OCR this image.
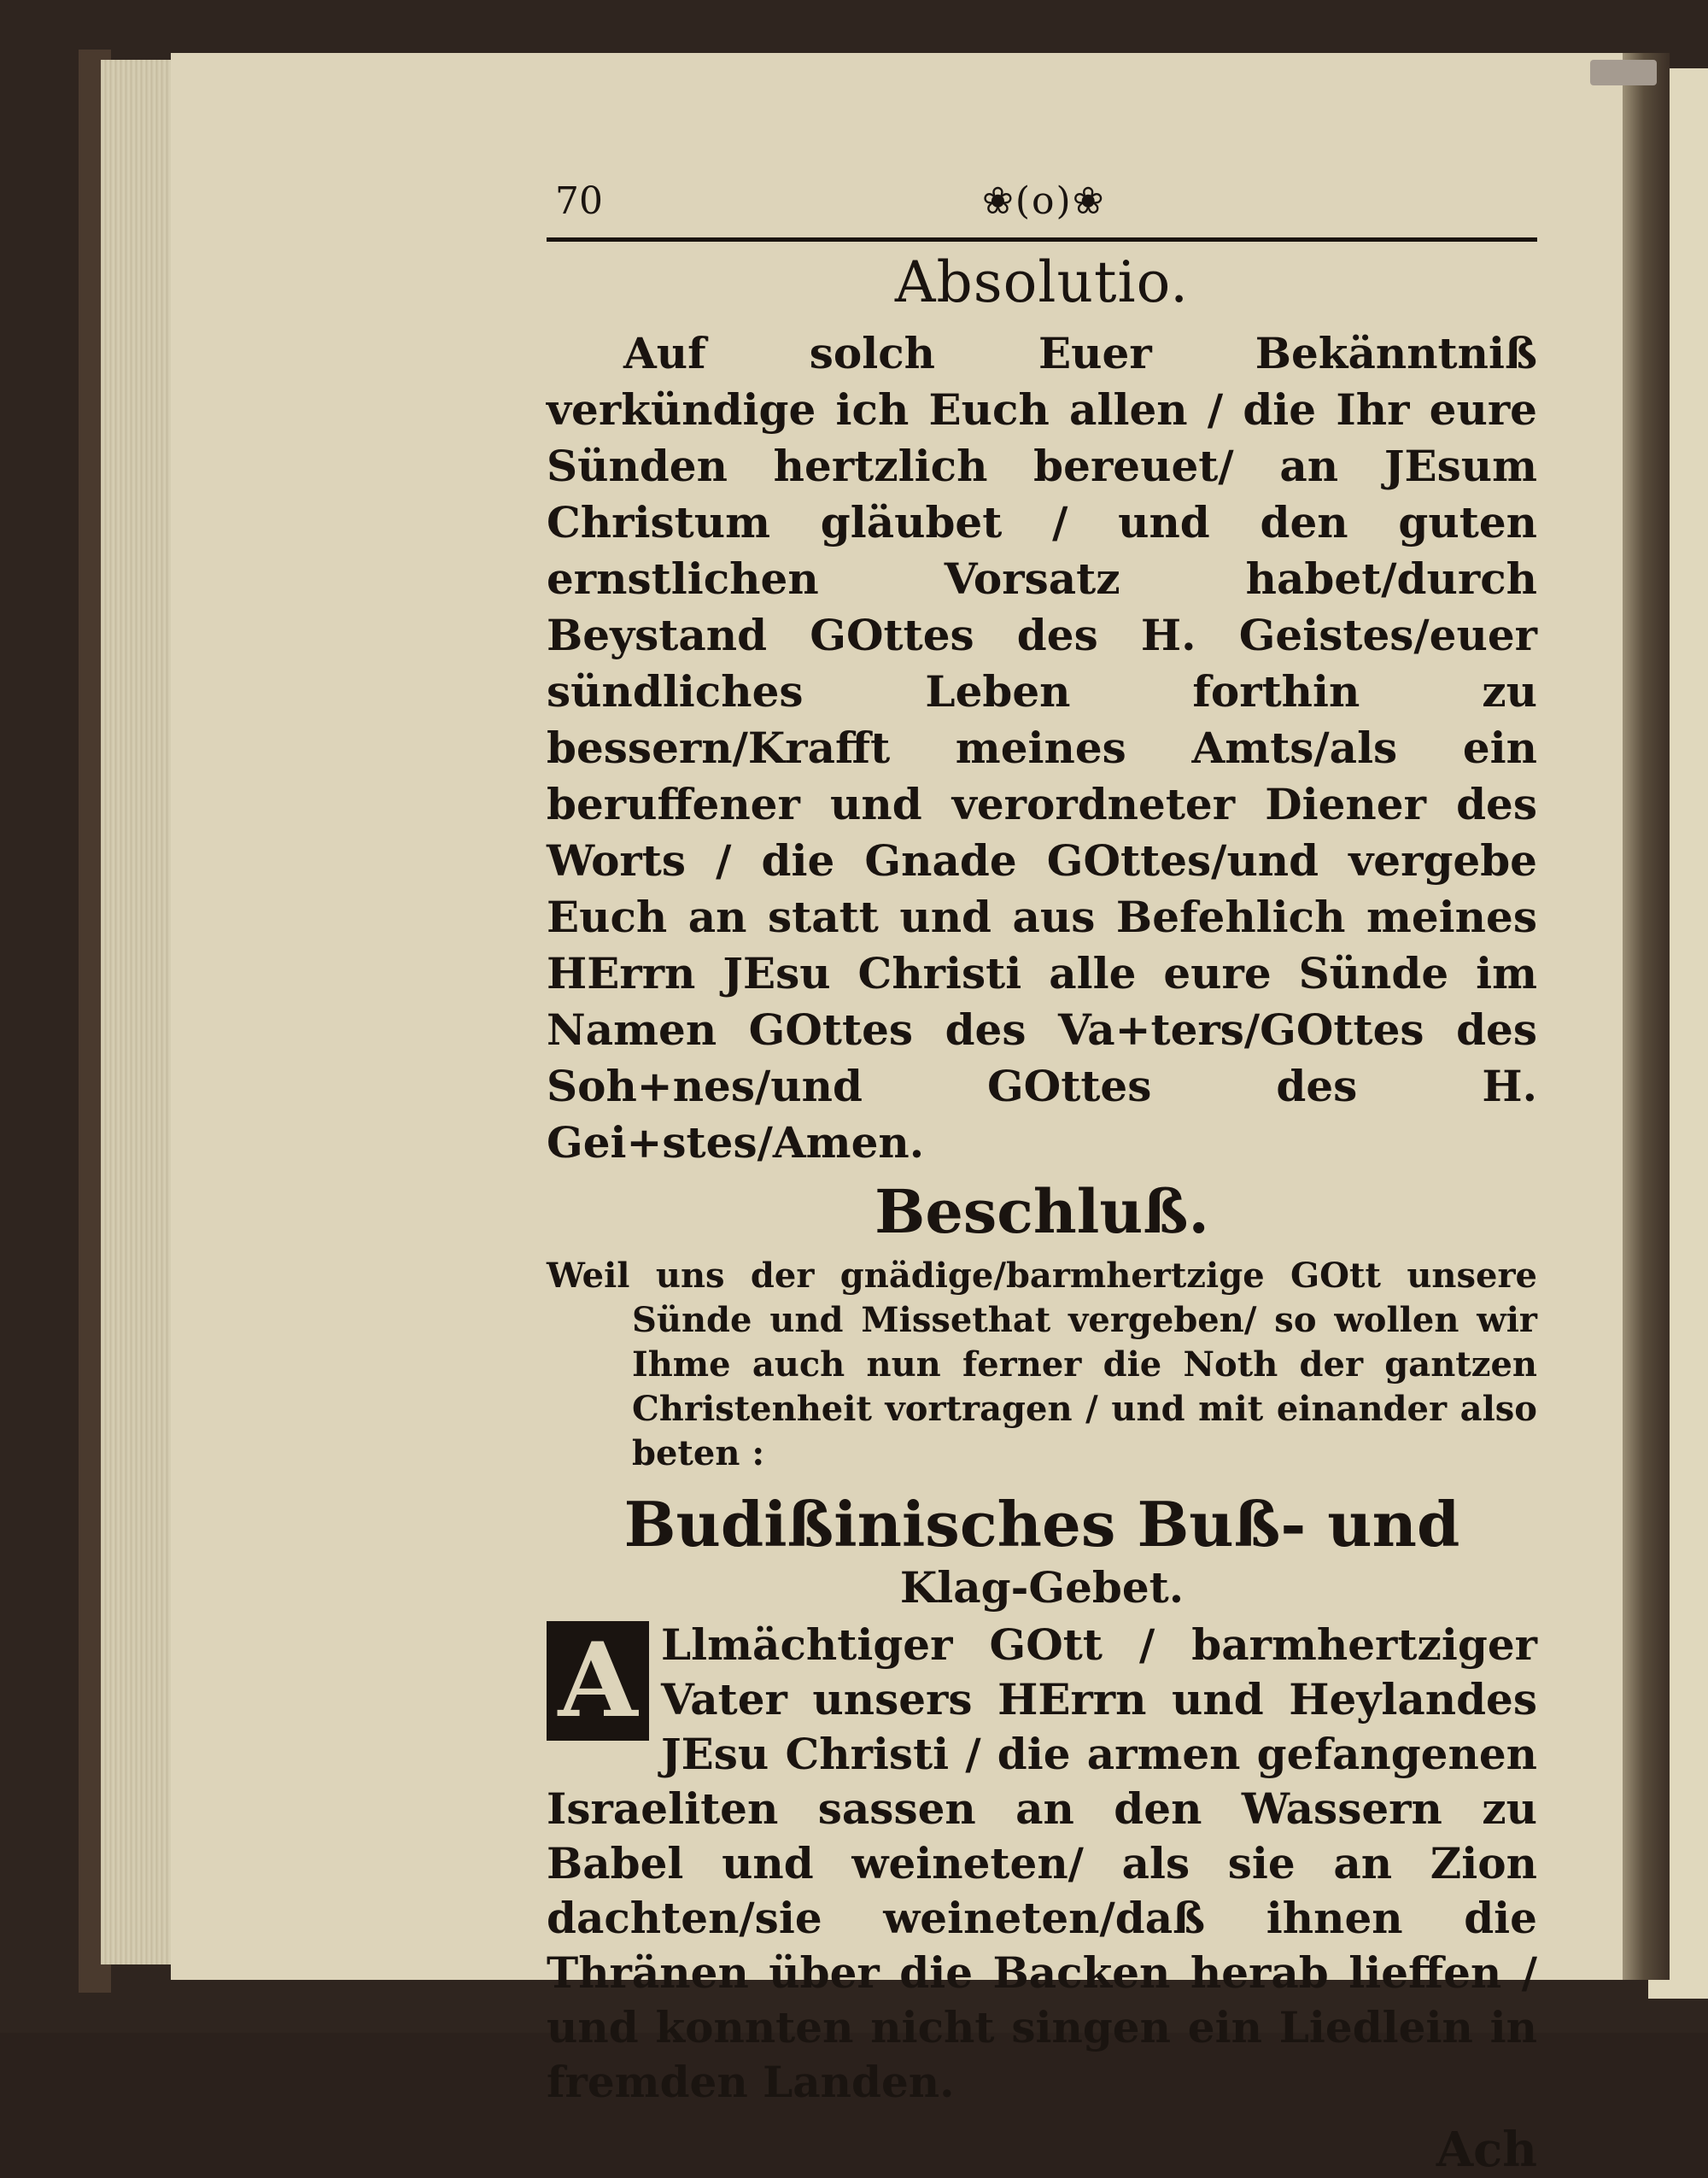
70	❀(o)❀
Absolutio.
Auf solch Euer Bekänntniß verkündige ich Euch allen / die Ihr eure Sünden hertzlich bereuet/ an JEsum Christum gläubet / und den guten ernstlichen Vorsatz habet/durch Beystand GOttes des H. Geistes/euer sündliches Leben forthin zu bessern/Krafft meines Amts/als ein beruffener und verordneter Diener des Worts / die Gnade GOttes/und vergebe Euch an statt und aus Befehlich meines HErrn JEsu Christi alle eure Sünde im Namen GOttes des Va+ters/GOttes des Soh+nes/und GOttes des H. Gei+stes/Amen.
Beschluß.
Weil uns der gnädige/barmhertzige GOtt unsere Sünde und Missethat vergeben/ so wollen wir Ihme auch nun ferner die Noth der gantzen Christenheit vortragen / und mit einander also beten :
Budißinisches Buß- und
Klag-Gebet.
A Llmächtiger GOtt / barmhertziger Vater unsers HErrn und Heylandes JEsu Christi / die armen gefangenen Israeliten sassen an den Wassern zu Babel und weineten/ als sie an Zion dachten/sie weineten/daß ihnen die Thränen über die Backen herab lieffen / und konnten nicht singen ein Liedlein in fremden Landen.
Ach
